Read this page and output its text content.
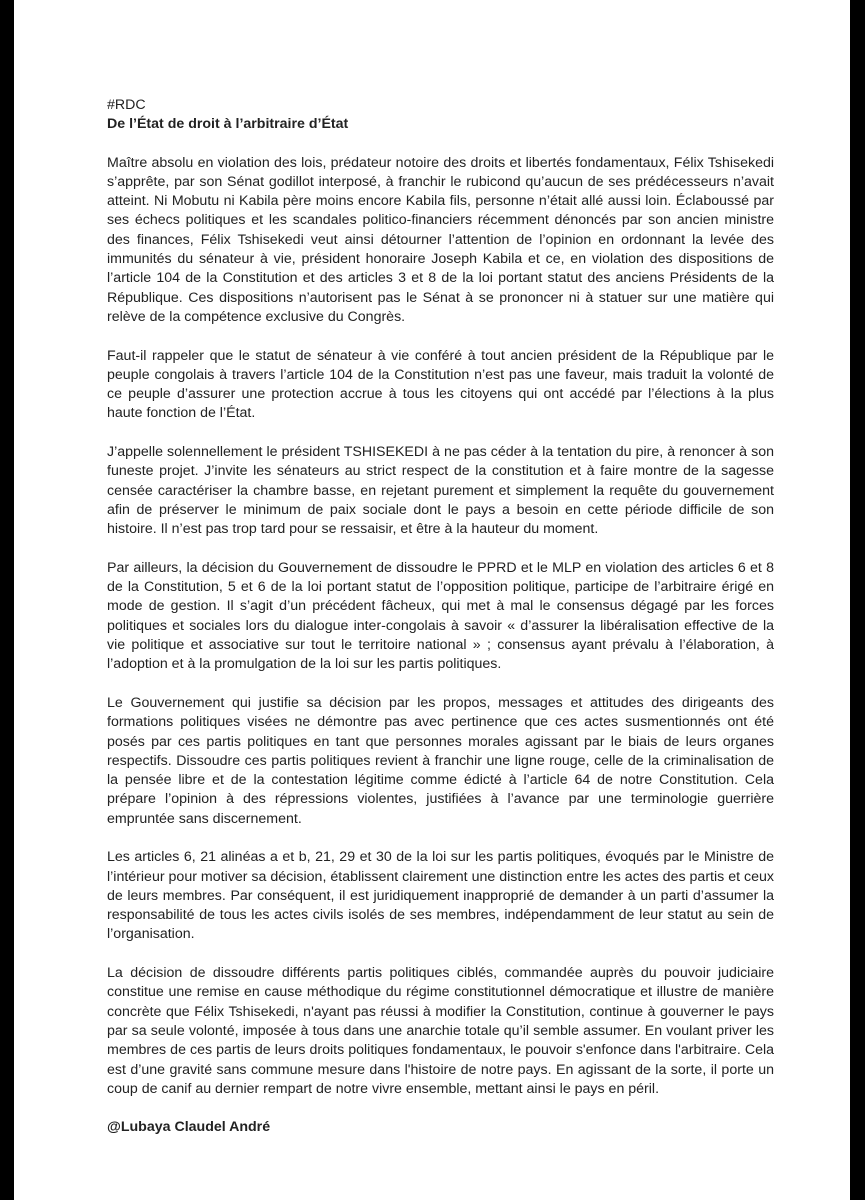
#RDC
De l’État de droit à l’arbitraire d’État

Maître absolu en violation des lois, prédateur notoire des droits et libertés fondamentaux, Félix Tshisekedi s’apprête, par son Sénat godillot interposé, à franchir le rubicond qu’aucun de ses prédécesseurs n’avait atteint. Ni Mobutu ni Kabila père moins encore Kabila fils, personne n’était allé aussi loin. Éclaboussé par ses échecs politiques et les scandales politico-financiers récemment dénoncés par son ancien ministre des finances, Félix Tshisekedi veut ainsi détourner l’attention de l’opinion en ordonnant la levée des immunités du sénateur à vie, président honoraire Joseph Kabila et ce, en violation des dispositions de l’article 104 de la Constitution et des articles 3 et 8 de la loi portant statut des anciens Présidents de la République. Ces dispositions n’autorisent pas le Sénat à se prononcer ni à statuer sur une matière qui relève de la compétence exclusive du Congrès.

Faut-il rappeler que le statut de sénateur à vie conféré à tout ancien président de la République par le peuple congolais à travers l’article 104 de la Constitution n’est pas une faveur, mais traduit la volonté de ce peuple d’assurer une protection accrue à tous les citoyens qui ont accédé par l’élections à la plus haute fonction de l’État.

J’appelle solennellement le président TSHISEKEDI à ne pas céder à la tentation du pire, à renoncer à son funeste projet. J’invite les sénateurs au strict respect de la constitution et à faire montre de la sagesse censée caractériser la chambre basse, en rejetant purement et simplement la requête du gouvernement afin de préserver le minimum de paix sociale dont le pays a besoin en cette période difficile de son histoire. Il n’est pas trop tard pour se ressaisir, et être à la hauteur du moment.

Par ailleurs, la décision du Gouvernement de dissoudre le PPRD et le MLP en violation des articles 6 et 8 de la Constitution, 5 et 6 de la loi portant statut de l’opposition politique, participe de l’arbitraire érigé en mode de gestion. Il s’agit d’un précédent fâcheux, qui met à mal le consensus dégagé par les forces politiques et sociales lors du dialogue inter-congolais à savoir « d’assurer la libéralisation effective de la vie politique et associative sur tout le territoire national » ; consensus ayant prévalu à l’élaboration, à l’adoption et à la promulgation de la loi sur les partis politiques.

Le Gouvernement qui justifie sa décision par les propos, messages et attitudes des dirigeants des formations politiques visées ne démontre pas avec pertinence que ces actes susmentionnés ont été posés par ces partis politiques en tant que personnes morales agissant par le biais de leurs organes respectifs. Dissoudre ces partis politiques revient à franchir une ligne rouge, celle de la criminalisation de la pensée libre et de la contestation légitime comme édicté à l’article 64 de notre Constitution. Cela prépare l’opinion à des répressions violentes, justifiées à l’avance par une terminologie guerrière empruntée sans discernement.

Les articles 6, 21 alinéas a et b, 21, 29 et 30 de la loi sur les partis politiques, évoqués par le Ministre de l’intérieur pour motiver sa décision, établissent clairement une distinction entre les actes des partis et ceux de leurs membres. Par conséquent, il est juridiquement inapproprié de demander à un parti d’assumer la responsabilité de tous les actes civils isolés de ses membres, indépendamment de leur statut au sein de l’organisation.

La décision de dissoudre différents partis politiques ciblés, commandée auprès du pouvoir judiciaire constitue une remise en cause méthodique du régime constitutionnel démocratique et illustre de manière concrète que Félix Tshisekedi, n'ayant pas réussi à modifier la Constitution, continue à gouverner le pays par sa seule volonté, imposée à tous dans une anarchie totale qu’il semble assumer. En voulant priver les membres de ces partis de leurs droits politiques fondamentaux, le pouvoir s'enfonce dans l'arbitraire. Cela est d’une gravité sans commune mesure dans l'histoire de notre pays. En agissant de la sorte, il porte un coup de canif au dernier rempart de notre vivre ensemble, mettant ainsi le pays en péril.

@Lubaya Claudel André
